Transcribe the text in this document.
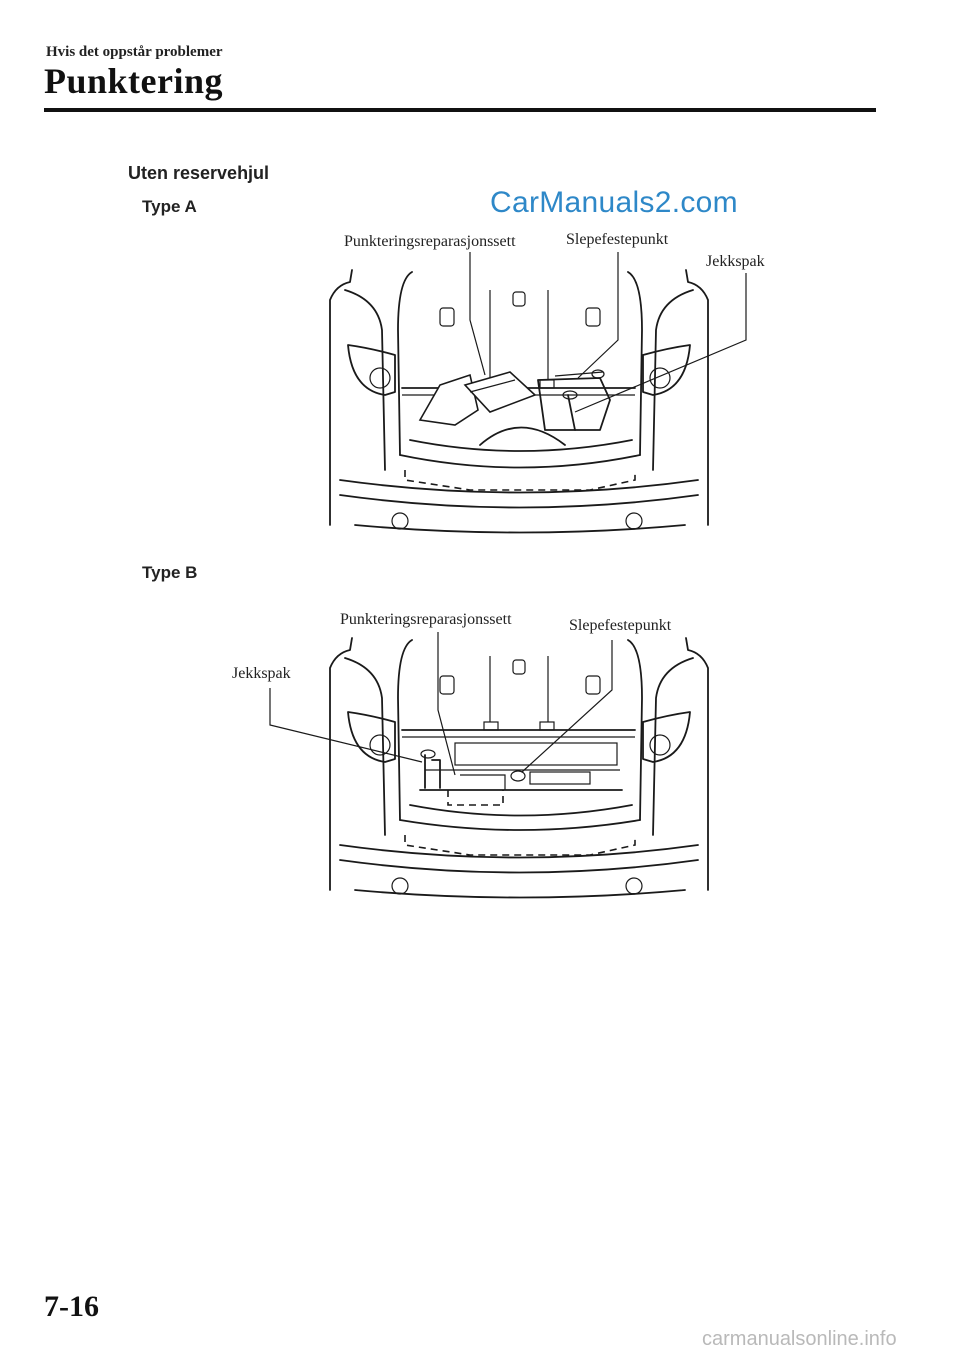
Hvis det oppstår problemer
Punktering
Uten reservehjul
CarManuals2.com
Type A
Punkteringsreparasjonssett	Slepefestepunkt
Jekkspak
Type B
Punkteringsreparasjonssett	Slepefestepunkt
Jekkspak
7-16
carmanualsonline.info
